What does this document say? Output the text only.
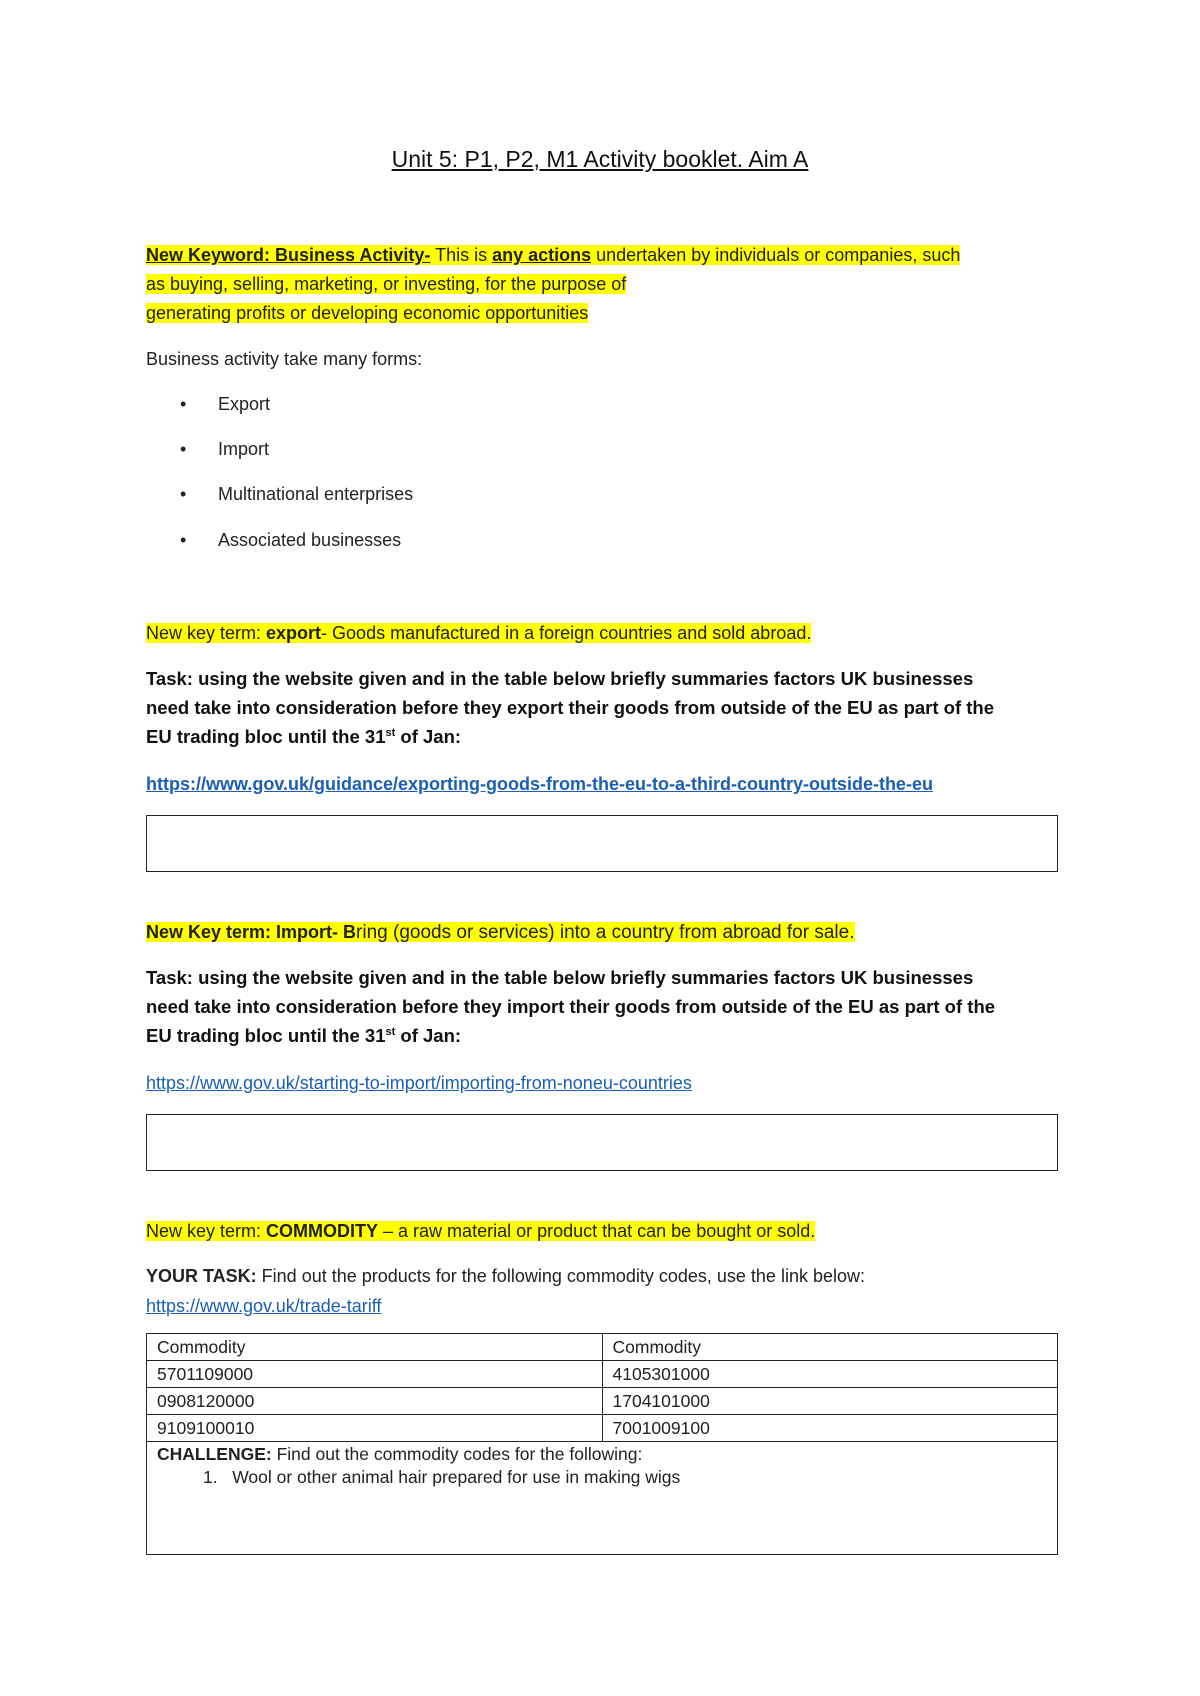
Unit 5: P1, P2, M1 Activity booklet. Aim A
New Keyword: Business Activity- This is any actions undertaken by individuals or companies, such
as buying, selling, marketing, or investing, for the purpose of
generating profits or developing economic opportunities
Business activity take many forms:
• Export
• Import
• Multinational enterprises
• Associated businesses
New key term: export- Goods manufactured in a foreign countries and sold abroad.
Task: using the website given and in the table below briefly summaries factors UK businesses
need take into consideration before they export their goods from outside of the EU as part of the
EU trading bloc until the 31st of Jan:
https://www.gov.uk/guidance/exporting-goods-from-the-eu-to-a-third-country-outside-the-eu
New Key term: Import- Bring (goods or services) into a country from abroad for sale.
Task: using the website given and in the table below briefly summaries factors UK businesses
need take into consideration before they import their goods from outside of the EU as part of the
EU trading bloc until the 31st of Jan:
https://www.gov.uk/starting-to-import/importing-from-noneu-countries
New key term: COMMODITY – a raw material or product that can be bought or sold.
YOUR TASK: Find out the products for the following commodity codes, use the link below:
https://www.gov.uk/trade-tariff
Commodity	Commodity
5701109000	4105301000
0908120000	1704101000
9109100010	7001009100

CHALLENGE: Find out the commodity codes for the following:
1. Wool or other animal hair prepared for use in making wigs	
